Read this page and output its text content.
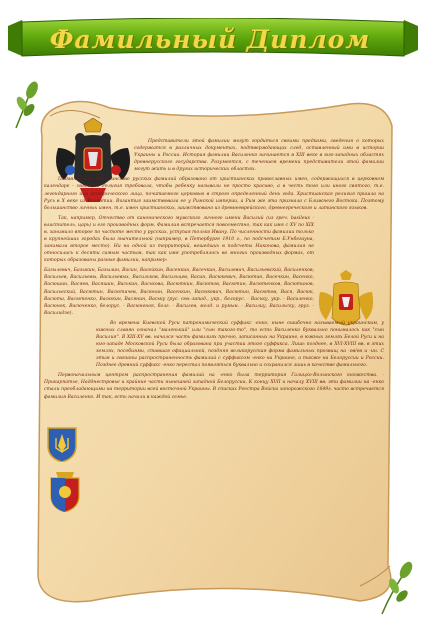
Фамильный Диплом

Представители этой фамилии могут гордиться своими предками, сведения о которых содержатся в различных документах, подтверждающих след, оставленный ими в истории Украины и России. История фамилии Василенко начинается в XIII веке в юго-западных областях древнерусского государства. Разумеется, с течением времени представители этой фамилии могут жить и в других исторических областях.

Подавляющее большинство русских фамилий образовано от христианских православных имен, содержащихся в церковном календаре - святцах. Религия требовала, чтобы ребенку называли не просто красиво, а в честь того или иного святого, т.е. легендарного или исторического лица, почитаемого церковью в строго определенный день года. Христианская религия пришла на Русь в X веке из Византии. Византия заимствовала ее у Римской империи, а Рим же эта признала с Ближнего Востока. Поэтому большинство личных имен, т.е. имен христианских, заимствовано из древнееврейского, древнегреческого и латинского языков.

Так, например, Отчество от канонического мужского личного имени Василий (из греч. basileus - властитель, царь) и его производных форм. Фамилия встречается повсеместно, так как имя с XV по XIX в. занимало второе по частоте место у русских, уступая только Ивану. По численности фамилии только в крупнейших городах была значительной (например, в Петербурге 1910 г., по подсчетам Б.Унбегауна, занимала второе место). Ни на одной из территорий, вошедших в подсчеты Никонова, фамилия не относилась к десяти самым частым, так как имя употреблялось во многих производных формах, от которых образованы разные фамилии, например:

Базылевич, Базыкин, Базылин, Васин, Васейкин, Васенкин, Васечкин, Василевич, Васильевский, Василенков, Васильев, Васильевы, Васильевых, Васильков, Васильцев, Васин, Васюкевич, Васютин, Васечкин, Васенко, Васюшин, Васяев, Васяшин, Васькин, Васькова, Васюткин, Васютов, Васютин, Васютенков, Васютинов, Васильеский, Васютин, Васютичев, Васюнин, Васенкин, Васюкевич, Васютин, Васютов, Вася, Васюк, Васюта, Васютенко, Васюкин, Васянин, Ваську (рус. сев.-запад., укр., белорус. - Ваську, укр. - Василенко, Васюнок, Васюченко, белорус. - Васюненок, болг. - Василев, молд. и румын. - Василиу, Васильску, груз. - Василидзе).

Во времена Киевской Руси патронимический суффикс -енко, ныне ошибочно называемый украинским, у южных славян означал "маленький" или "сын такого-то", то есть Василенко буквально понималось как "сын Василия". В XIII-XV вв. начался часть фамилиях прочно, записанных на Украине, в южных землях Белой Руси и на юго-западе Московской Руси была образована при участии этого суффикса. Лишь позднее, в XVI-XVIII вв. в этих землях, пособиями, ставшая официальной, поздняя великорусская форма фамильных прозвищ на -ов/ев и -ин. С этим и связаны распространенность фамилий с суффиксом -енко на Украине, а также на Белоруссии и России. Позднее древний суффикс -енко перестал появляться буквально и сохранился лишь в качестве фамильного.

Первоначальным центром распространения фамилий на -енко была территория Галицко-Волынского княжества. - Прикарпатье, Надднестровье и крайние части нынешней западной Белоруссии. К концу XVII и началу XVIII вв. эти фамилии на -енко стали преобладающими на территории всей восточной Украины. В списках Реестра Войска запорожского 1649г. часто встречается фамилия Василенко. И так, есть начали в каждой семье.
